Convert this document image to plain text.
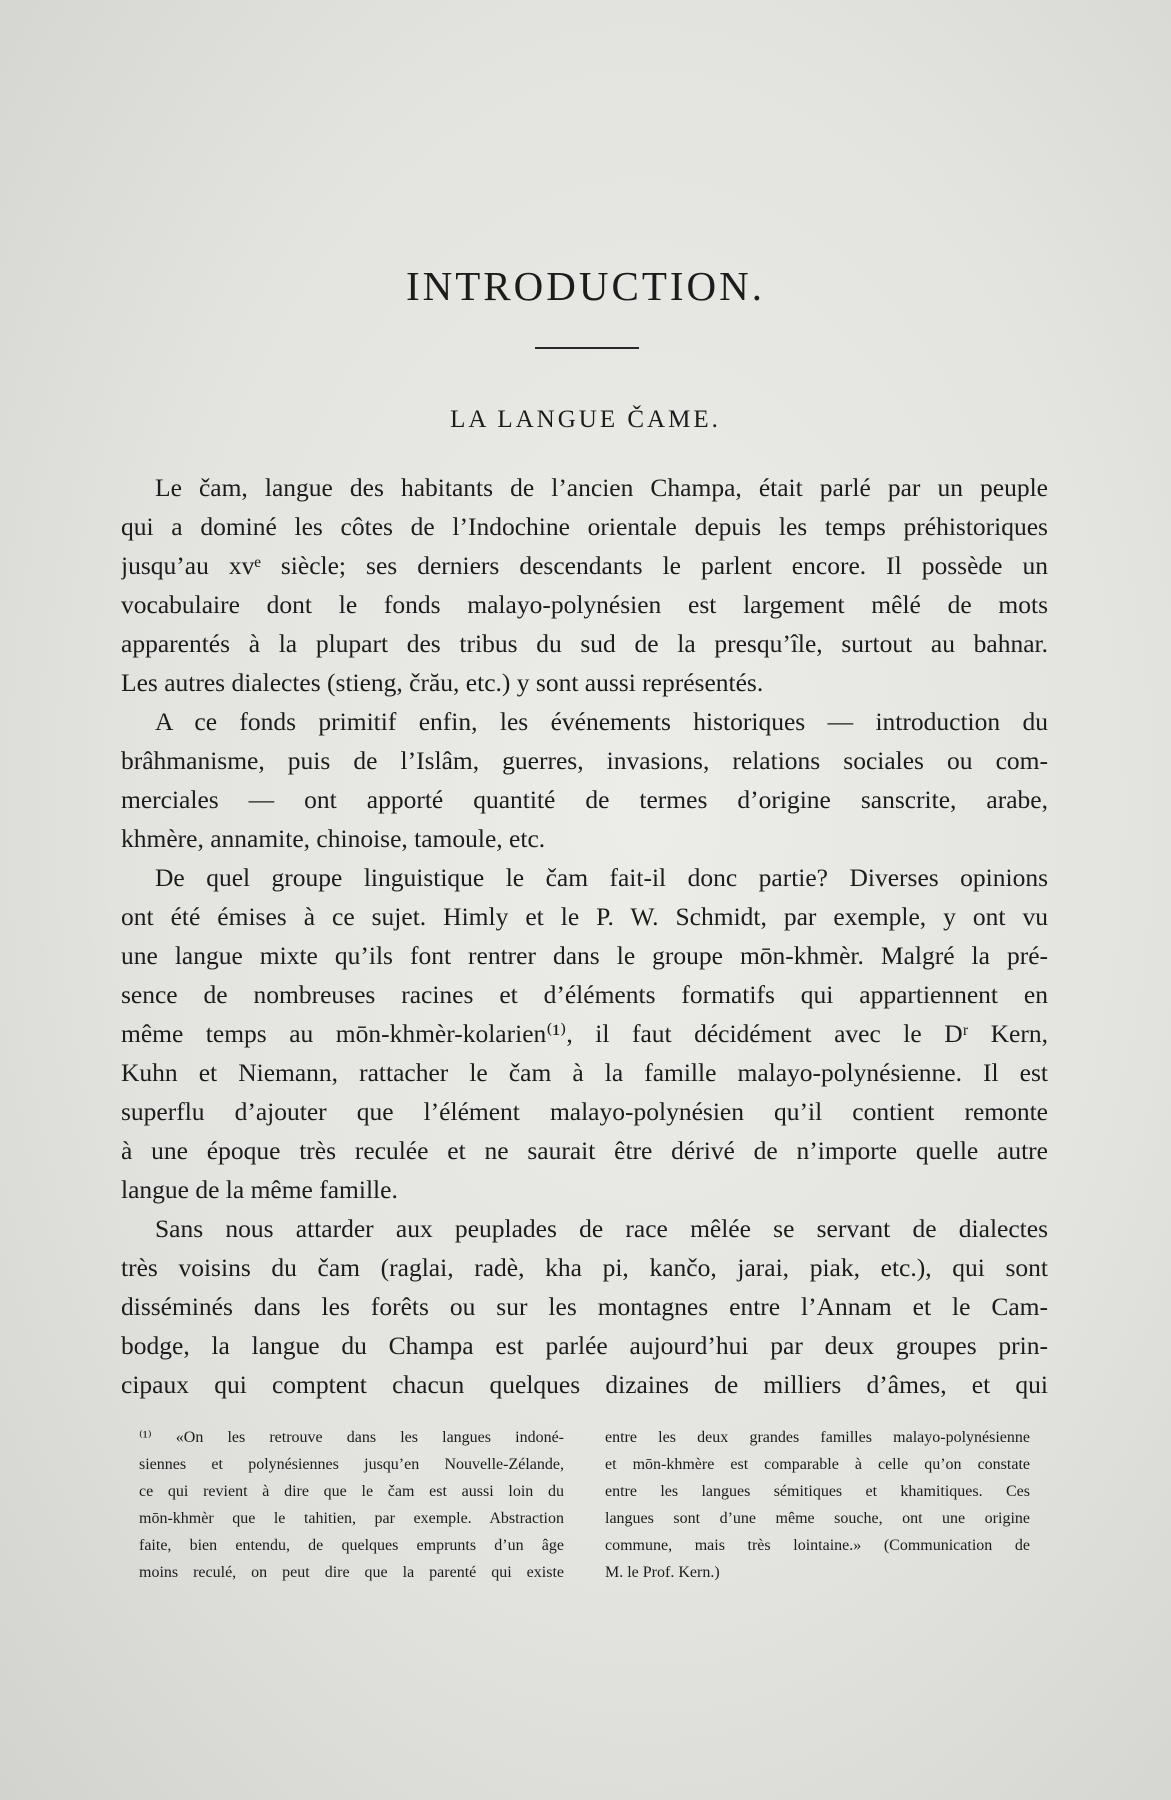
INTRODUCTION.
LA LANGUE ČAME.
Le čam, langue des habitants de l’ancien Champa, était parlé par un peuple
qui a dominé les côtes de l’Indochine orientale depuis les temps préhistoriques
jusqu’au xvᵉ siècle; ses derniers descendants le parlent encore. Il possède un
vocabulaire dont le fonds malayo-polynésien est largement mêlé de mots
apparentés à la plupart des tribus du sud de la presqu’île, surtout au bahnar.
Les autres dialectes (stieng, črău, etc.) y sont aussi représentés.
A ce fonds primitif enfin, les événements historiques — introduction du
brâhmanisme, puis de l’Islâm, guerres, invasions, relations sociales ou com-
merciales — ont apporté quantité de termes d’origine sanscrite, arabe,
khmère, annamite, chinoise, tamoule, etc.
De quel groupe linguistique le čam fait-il donc partie? Diverses opinions
ont été émises à ce sujet. Himly et le P. W. Schmidt, par exemple, y ont vu
une langue mixte qu’ils font rentrer dans le groupe mōn-khmèr. Malgré la pré-
sence de nombreuses racines et d’éléments formatifs qui appartiennent en
même temps au mōn-khmèr-kolarien⁽¹⁾, il faut décidément avec le Dʳ Kern,
Kuhn et Niemann, rattacher le čam à la famille malayo-polynésienne. Il est
superflu d’ajouter que l’élément malayo-polynésien qu’il contient remonte
à une époque très reculée et ne saurait être dérivé de n’importe quelle autre
langue de la même famille.
Sans nous attarder aux peuplades de race mêlée se servant de dialectes
très voisins du čam (raglai, radè, kha pi, kančo, jarai, piak, etc.), qui sont
disséminés dans les forêts ou sur les montagnes entre l’Annam et le Cam-
bodge, la langue du Champa est parlée aujourd’hui par deux groupes prin-
cipaux qui comptent chacun quelques dizaines de milliers d’âmes, et qui
⁽¹⁾ «On les retrouve dans les langues indoné-
siennes et polynésiennes jusqu’en Nouvelle-Zélande,
ce qui revient à dire que le čam est aussi loin du
mōn-khmèr que le tahitien, par exemple. Abstraction
faite, bien entendu, de quelques emprunts d’un âge
moins reculé, on peut dire que la parenté qui existe
entre les deux grandes familles malayo-polynésienne
et mōn-khmère est comparable à celle qu’on constate
entre les langues sémitiques et khamitiques. Ces
langues sont d’une même souche, ont une origine
commune, mais très lointaine.» (Communication de
M. le Prof. Kern.)
